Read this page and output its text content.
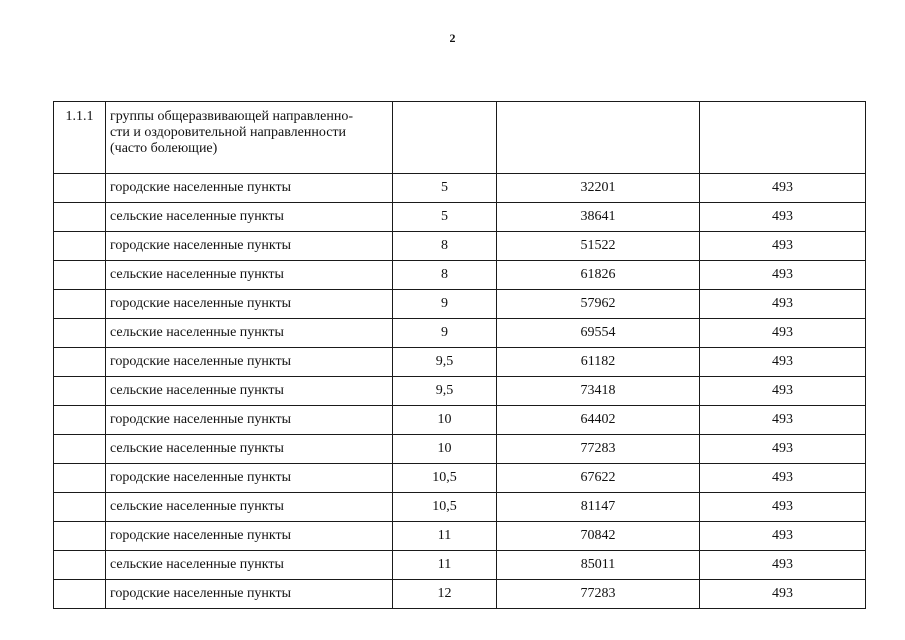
2
1.1.1	группы общеразвивающей направленно-
сти и оздоровительной направленности
(часто болеющие)			

	городские населенные пункты	5	32201	493
	сельские населенные пункты	5	38641	493
	городские населенные пункты	8	51522	493
	сельские населенные пункты	8	61826	493
	городские населенные пункты	9	57962	493
	сельские населенные пункты	9	69554	493
	городские населенные пункты	9,5	61182	493
	сельские населенные пункты	9,5	73418	493
	городские населенные пункты	10	64402	493
	сельские населенные пункты	10	77283	493
	городские населенные пункты	10,5	67622	493
	сельские населенные пункты	10,5	81147	493
	городские населенные пункты	11	70842	493
	сельские населенные пункты	11	85011	493
	городские населенные пункты	12	77283	493
